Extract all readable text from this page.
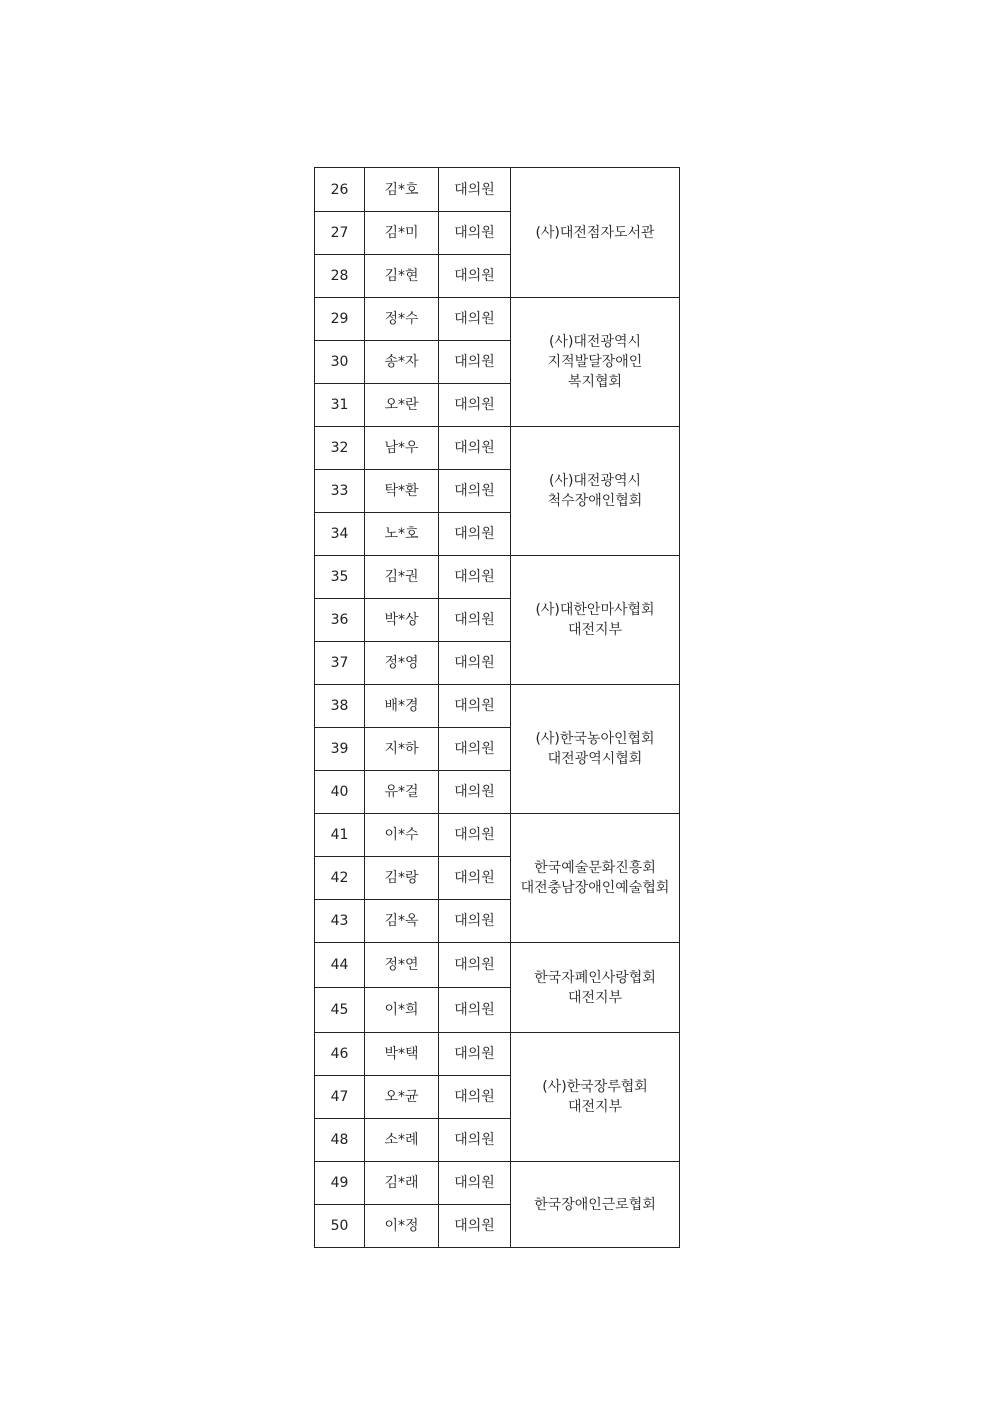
26	김*호	대의원	(사)대전점자도서관

27	김*미	대의원	
28	김*현	대의원	
29	정*수	대의원	(사)대전광역시
지적발달장애인
복지협회

30	송*자	대의원	
31	오*란	대의원	
32	남*우	대의원	(사)대전광역시
척수장애인협회

33	탁*환	대의원	
34	노*호	대의원	
35	김*권	대의원	(사)대한안마사협회
대전지부

36	박*상	대의원	
37	정*영	대의원	
38	배*경	대의원	(사)한국농아인협회
대전광역시협회

39	지*하	대의원	
40	유*걸	대의원	
41	이*수	대의원	한국예술문화진흥회
대전충남장애인예술협회

42	김*랑	대의원	
43	김*옥	대의원	
44	정*연	대의원	한국자폐인사랑협회
대전지부

45	이*희	대의원	
46	박*택	대의원	(사)한국장루협회
대전지부

47	오*균	대의원	
48	소*례	대의원	
49	김*래	대의원	한국장애인근로협회

50	이*정	대의원	
